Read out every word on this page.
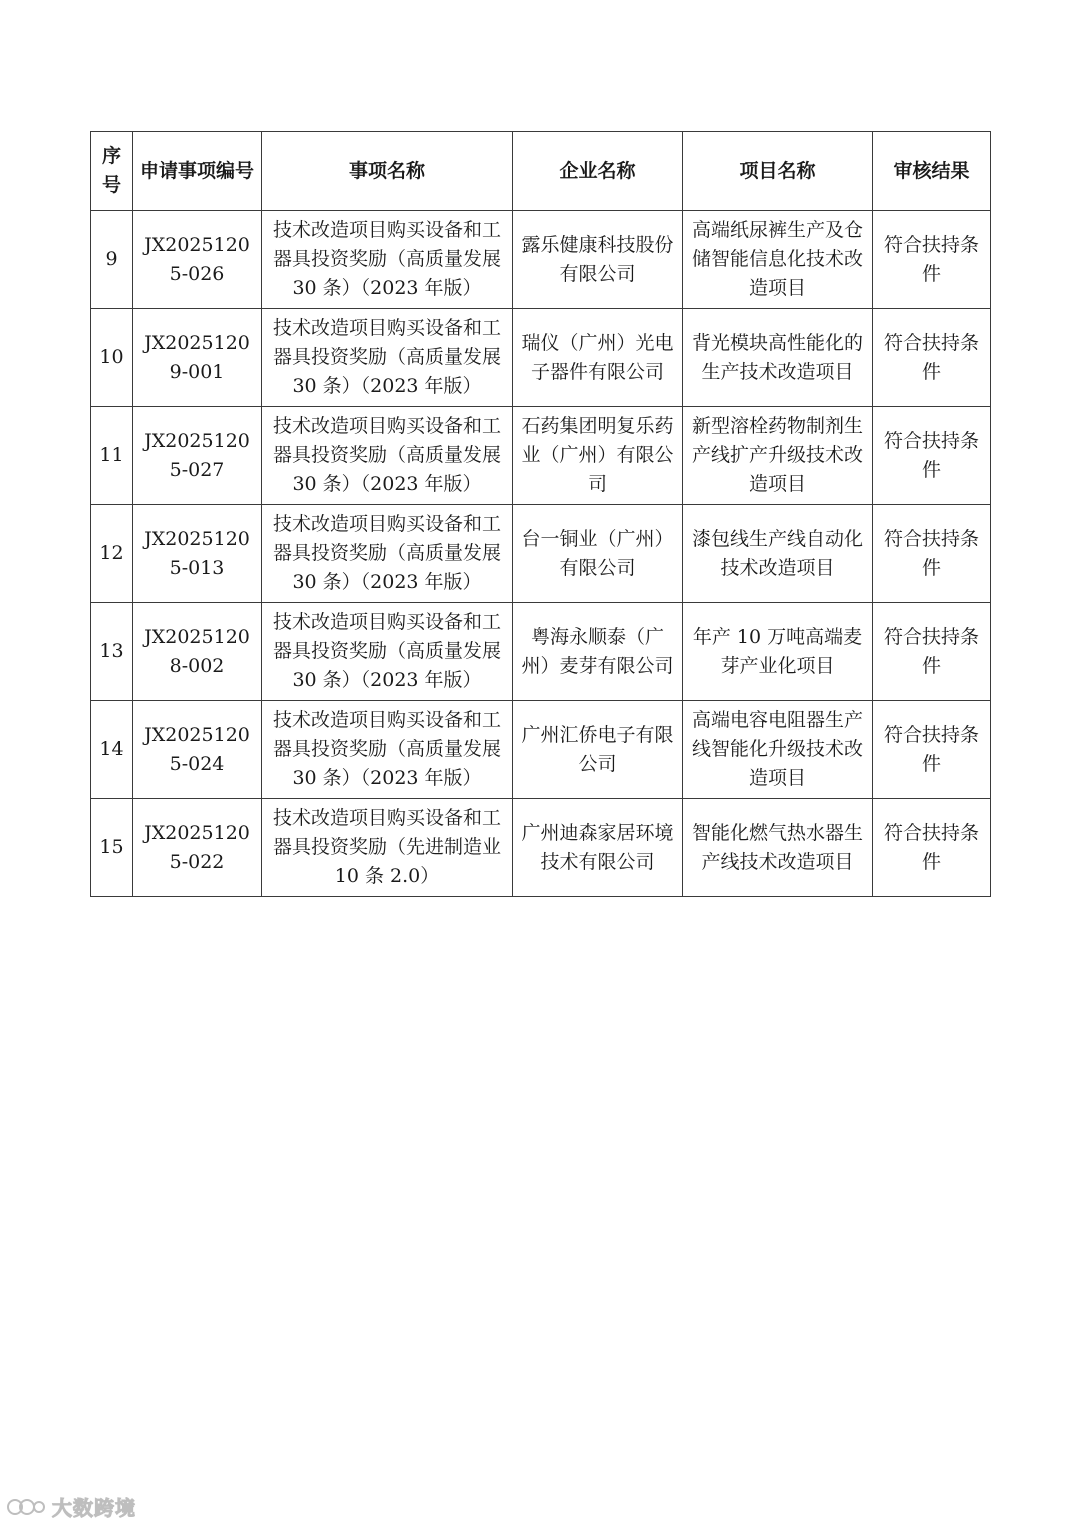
序号	申请事项编号	事项名称	企业名称	项目名称	审核结果
9	JX20251205-026	技术改造项目购买设备和工器具投资奖励（高质量发展 30 条）（2023 年版）	露乐健康科技股份有限公司	高端纸尿裤生产及仓储智能信息化技术改造项目	符合扶持条件
10	JX20251209-001	技术改造项目购买设备和工器具投资奖励（高质量发展 30 条）（2023 年版）	瑞仪（广州）光电子器件有限公司	背光模块高性能化的生产技术改造项目	符合扶持条件
11	JX20251205-027	技术改造项目购买设备和工器具投资奖励（高质量发展 30 条）（2023 年版）	石药集团明复乐药业（广州）有限公司	新型溶栓药物制剂生产线扩产升级技术改造项目	符合扶持条件
12	JX20251205-013	技术改造项目购买设备和工器具投资奖励（高质量发展 30 条）（2023 年版）	台一铜业（广州）有限公司	漆包线生产线自动化技术改造项目	符合扶持条件
13	JX20251208-002	技术改造项目购买设备和工器具投资奖励（高质量发展 30 条）（2023 年版）	粤海永顺泰（广州）麦芽有限公司	年产 10 万吨高端麦芽产业化项目	符合扶持条件
14	JX20251205-024	技术改造项目购买设备和工器具投资奖励（高质量发展 30 条）（2023 年版）	广州汇侨电子有限公司	高端电容电阻器生产线智能化升级技术改造项目	符合扶持条件
15	JX20251205-022	技术改造项目购买设备和工器具投资奖励（先进制造业 10 条 2.0）	广州迪森家居环境技术有限公司	智能化燃气热水器生产线技术改造项目	符合扶持条件
大数跨境
